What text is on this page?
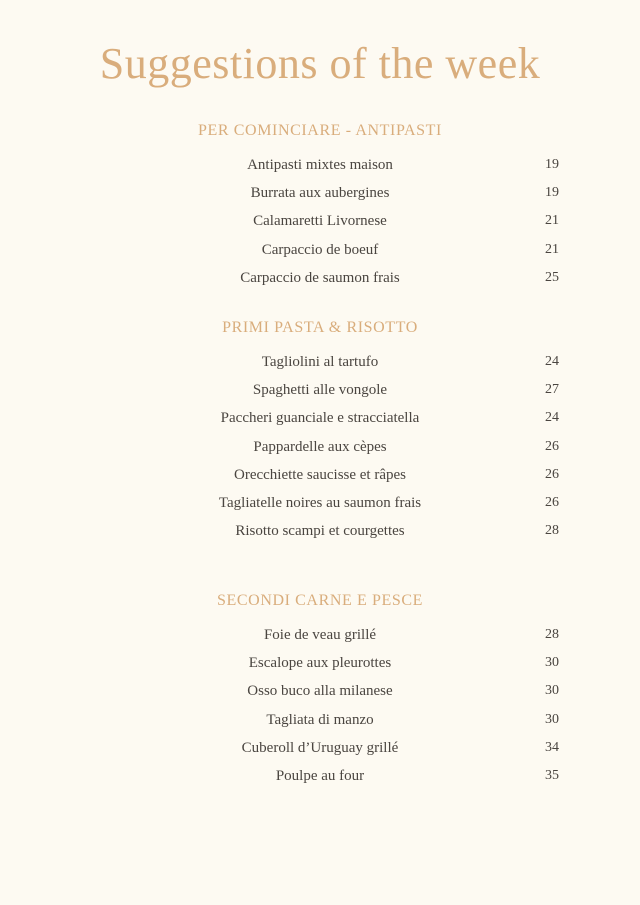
Suggestions of the week
PER COMINCIARE - ANTIPASTI
Antipasti mixtes maison	19
Burrata aux aubergines	19
Calamaretti Livornese	21
Carpaccio de boeuf	21
Carpaccio de saumon frais	25
PRIMI PASTA & RISOTTO
Tagliolini al tartufo	24
Spaghetti alle vongole	27
Paccheri guanciale e stracciatella	24
Pappardelle aux cèpes	26
Orecchiette saucisse et râpes	26
Tagliatelle noires au saumon frais	26
Risotto scampi et courgettes	28
SECONDI CARNE E PESCE
Foie de veau grillé	28
Escalope aux pleurottes	30
Osso buco alla milanese	30
Tagliata di manzo	30
Cuberoll d’Uruguay grillé	34
Poulpe au four	35
